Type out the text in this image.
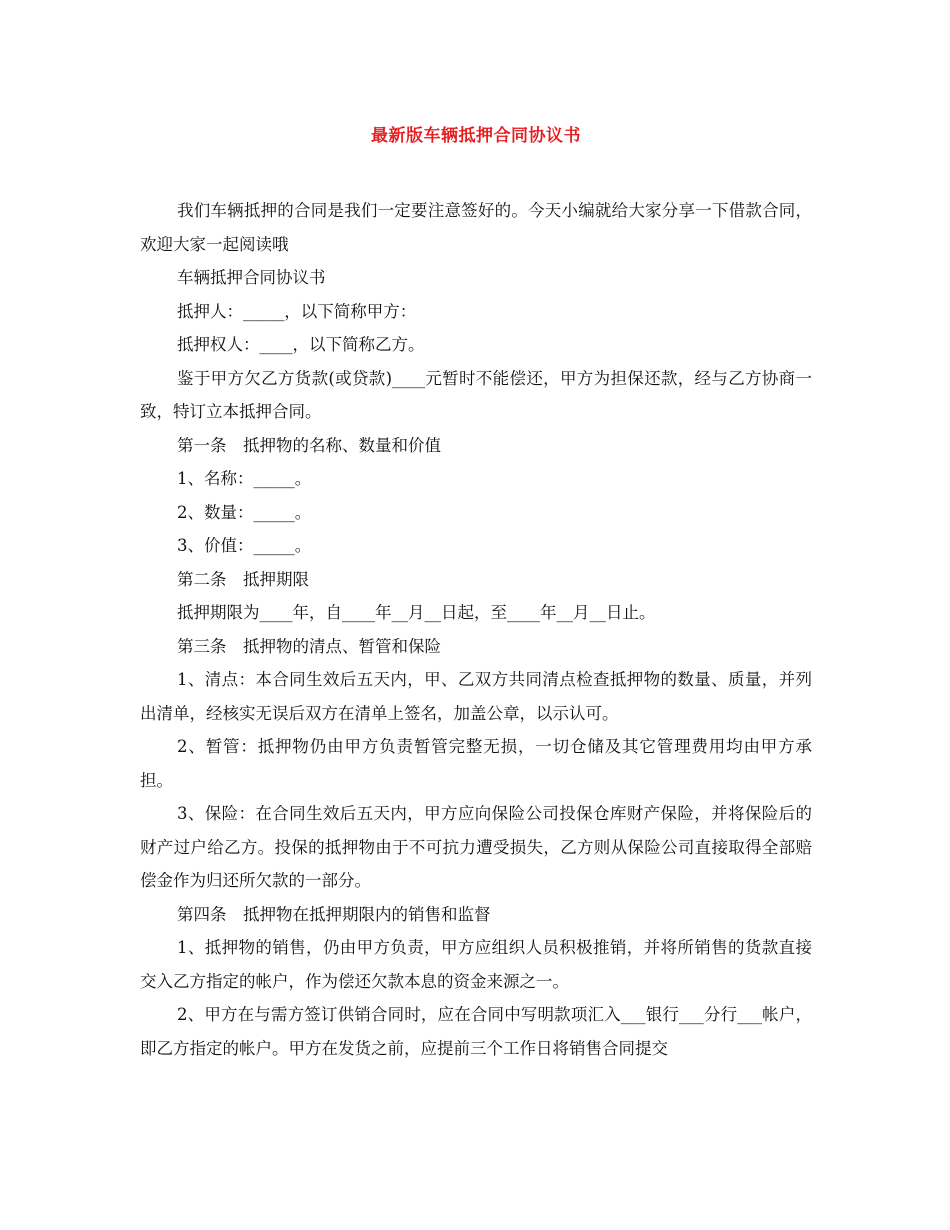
最新版车辆抵押合同协议书

我们车辆抵押的合同是我们一定要注意签好的。今天小编就给大家分享一下借款合同，欢迎大家一起阅读哦

车辆抵押合同协议书

抵押人：_____，以下简称甲方：

抵押权人：____，以下简称乙方。

鉴于甲方欠乙方货款(或贷款)____元暂时不能偿还，甲方为担保还款，经与乙方协商一致，特订立本抵押合同。

第一条　抵押物的名称、数量和价值

1、名称：_____。

2、数量：_____。

3、价值：_____。

第二条　抵押期限

抵押期限为____年，自____年__月__日起，至____年__月__日止。

第三条　抵押物的清点、暂管和保险

1、清点：本合同生效后五天内，甲、乙双方共同清点检查抵押物的数量、质量，并列出清单，经核实无误后双方在清单上签名，加盖公章，以示认可。

2、暂管：抵押物仍由甲方负责暂管完整无损，一切仓储及其它管理费用均由甲方承担。

3、保险：在合同生效后五天内，甲方应向保险公司投保仓库财产保险，并将保险后的财产过户给乙方。投保的抵押物由于不可抗力遭受损失，乙方则从保险公司直接取得全部赔偿金作为归还所欠款的一部分。

第四条　抵押物在抵押期限内的销售和监督

1、抵押物的销售，仍由甲方负责，甲方应组织人员积极推销，并将所销售的货款直接交入乙方指定的帐户，作为偿还欠款本息的资金来源之一。

2、甲方在与需方签订供销合同时，应在合同中写明款项汇入___银行___分行___帐户，即乙方指定的帐户。甲方在发货之前，应提前三个工作日将销售合同提交
